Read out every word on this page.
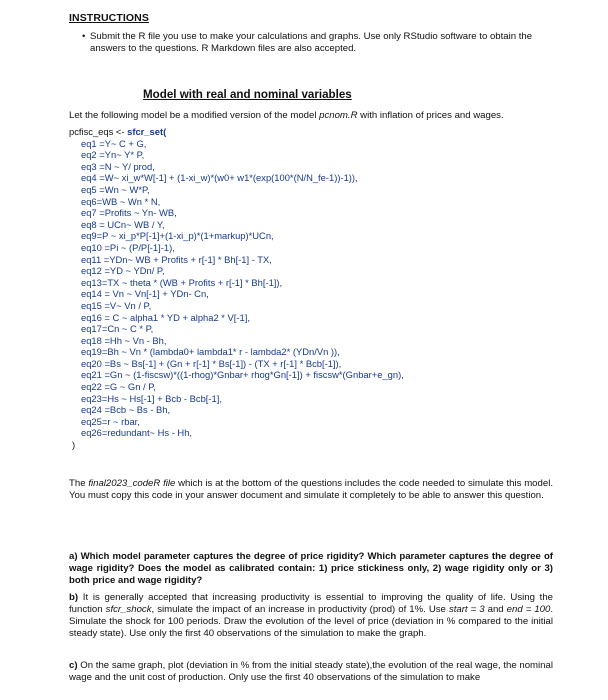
INSTRUCTIONS
• Submit the R file you use to make your calculations and graphs. Use only RStudio software to obtain the answers to the questions. R Markdown files are also accepted.
Model with real and nominal variables
Let the following model be a modified version of the model pcnom.R with inflation of prices and wages.
pcfisc_eqs <- sfcr_set(
eq1 =Y~ C + G,
eq2 =Yn~ Y* P,
eq3 =N ~ Y/ prod,
eq4 =W~ xi_w*W[-1] + (1-xi_w)*(w0+ w1*(exp(100*(N/N_fe-1))-1)),
eq5 =Wn ~ W*P,
eq6=WB ~ Wn * N,
eq7 =Profits ~ Yn- WB,
eq8 = UCn~ WB / Y,
eq9=P ~ xi_p*P[-1]+(1-xi_p)*(1+markup)*UCn,
eq10 =Pi ~ (P/P[-1]-1),
eq11 =YDn~ WB + Profits + r[-1] * Bh[-1] - TX,
eq12 =YD ~ YDn/ P,
eq13=TX ~ theta * (WB + Profits + r[-1] * Bh[-1]),
eq14 = Vn ~ Vn[-1] + YDn- Cn,
eq15 =V~ Vn / P,
eq16 = C ~ alpha1 * YD + alpha2 * V[-1],
eq17=Cn ~ C * P,
eq18 =Hh ~ Vn - Bh,
eq19=Bh ~ Vn * (lambda0+ lambda1* r - lambda2* (YDn/Vn )),
eq20 =Bs ~ Bs[-1] + (Gn + r[-1] * Bs[-1]) - (TX + r[-1] * Bcb[-1]),
eq21 =Gn ~ (1-fiscsw)*((1-rhog)*Gnbar+ rhog*Gn[-1]) + fiscsw*(Gnbar+e_gn),
eq22 =G ~ Gn / P,
eq23=Hs ~ Hs[-1] + Bcb - Bcb[-1],
eq24 =Bcb ~ Bs - Bh,
eq25=r ~ rbar,
eq26=redundant~ Hs - Hh,
)
The final2023_codeR file which is at the bottom of the questions includes the code needed to simulate this model. You must copy this code in your answer document and simulate it completely to be able to answer this question.
a) Which model parameter captures the degree of price rigidity? Which parameter captures the degree of wage rigidity? Does the model as calibrated contain: 1) price stickiness only, 2) wage rigidity only or 3) both price and wage rigidity?
b) It is generally accepted that increasing productivity is essential to improving the quality of life. Using the function sfcr_shock, simulate the impact of an increase in productivity (prod) of 1%. Use start = 3 and end = 100. Simulate the shock for 100 periods. Draw the evolution of the level of price (deviation in % compared to the initial steady state). Use only the first 40 observations of the simulation to make the graph.
c) On the same graph, plot (deviation in % from the initial steady state),the evolution of the real wage, the nominal wage and the unit cost of production. Only use the first 40 observations of the simulation to make
